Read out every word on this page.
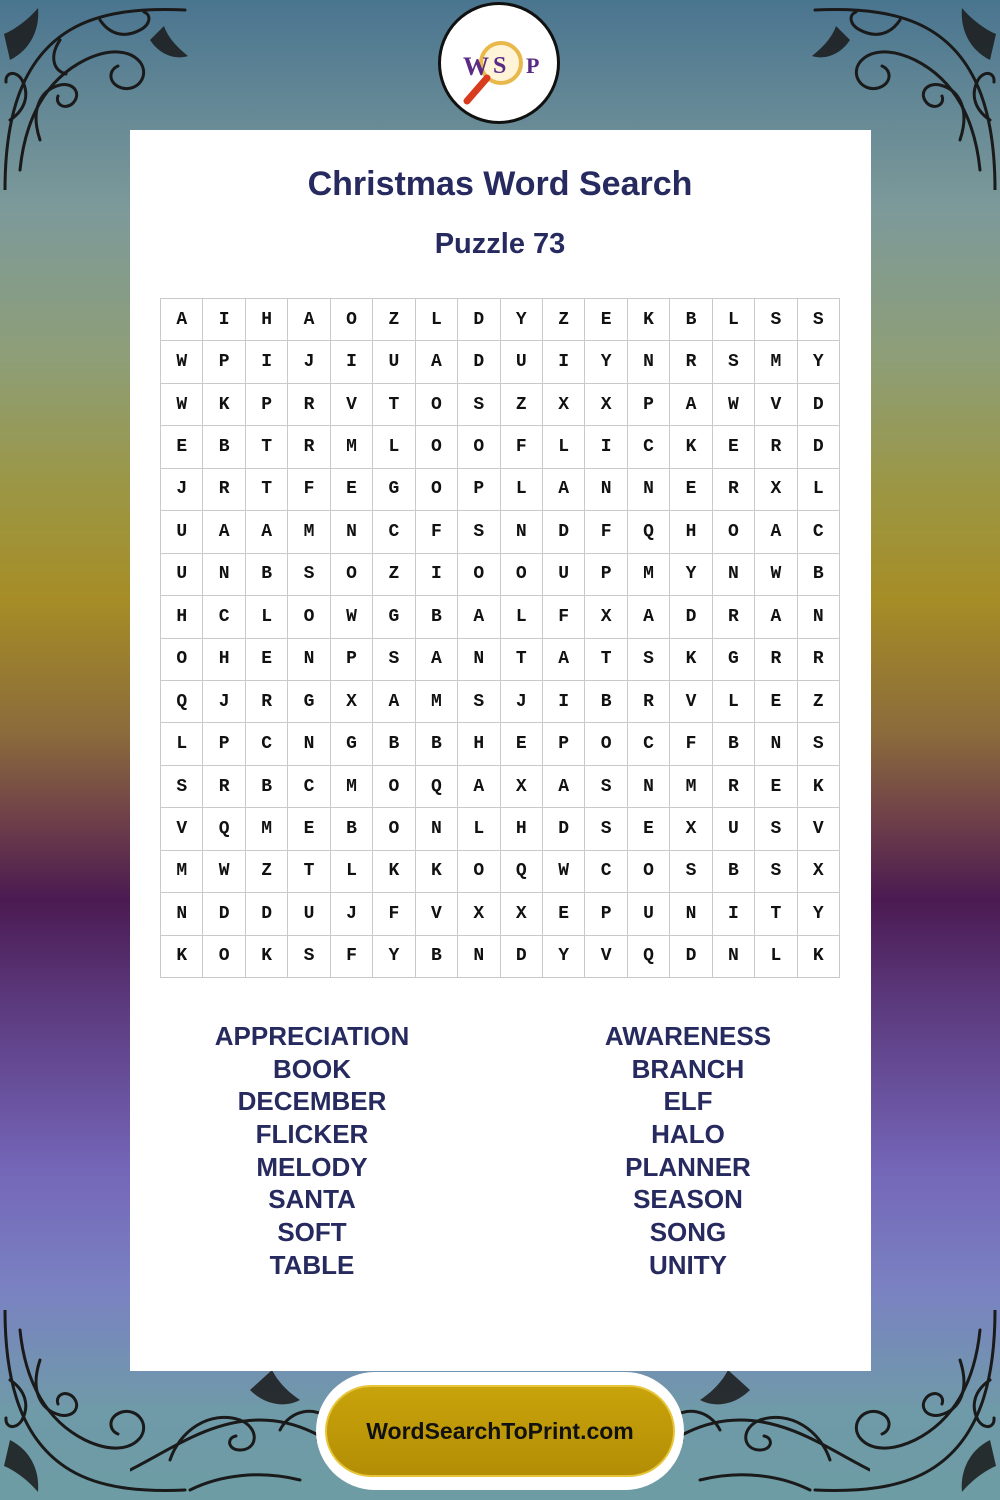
W S P
Christmas Word Search
Puzzle 73
A	I	H	A	O	Z	L	D	Y	Z	E	K	B	L	S	S
W	P	I	J	I	U	A	D	U	I	Y	N	R	S	M	Y
W	K	P	R	V	T	O	S	Z	X	X	P	A	W	V	D
E	B	T	R	M	L	O	O	F	L	I	C	K	E	R	D
J	R	T	F	E	G	O	P	L	A	N	N	E	R	X	L
U	A	A	M	N	C	F	S	N	D	F	Q	H	O	A	C
U	N	B	S	O	Z	I	O	O	U	P	M	Y	N	W	B
H	C	L	O	W	G	B	A	L	F	X	A	D	R	A	N
O	H	E	N	P	S	A	N	T	A	T	S	K	G	R	R
Q	J	R	G	X	A	M	S	J	I	B	R	V	L	E	Z
L	P	C	N	G	B	B	H	E	P	O	C	F	B	N	S
S	R	B	C	M	O	Q	A	X	A	S	N	M	R	E	K
V	Q	M	E	B	O	N	L	H	D	S	E	X	U	S	V
M	W	Z	T	L	K	K	O	Q	W	C	O	S	B	S	X
N	D	D	U	J	F	V	X	X	E	P	U	N	I	T	Y
K	O	K	S	F	Y	B	N	D	Y	V	Q	D	N	L	K
APPRECIATION
BOOK
DECEMBER
FLICKER
MELODY
SANTA
SOFT
TABLE
AWARENESS
BRANCH
ELF
HALO
PLANNER
SEASON
SONG
UNITY
WordSearchToPrint.com
